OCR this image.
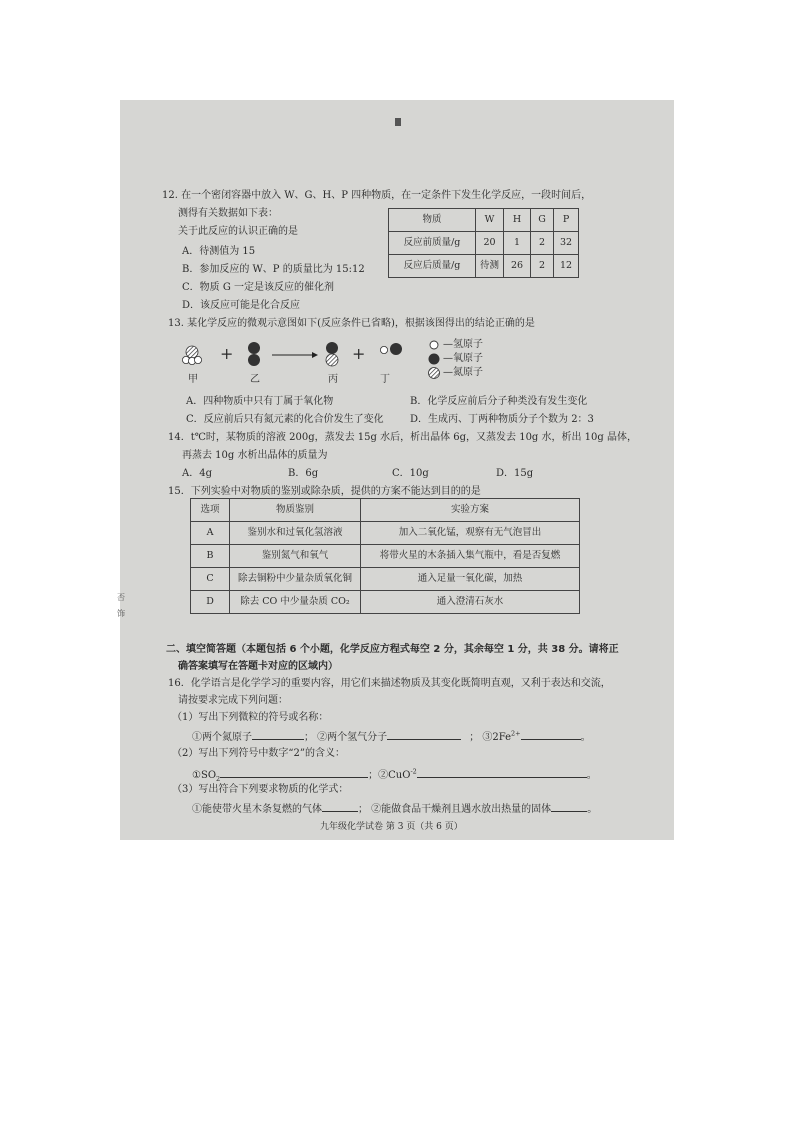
12. 在一个密闭容器中放入 W、G、H、P 四种物质，在一定条件下发生化学反应，一段时间后，
测得有关数据如下表：
关于此反应的认识正确的是
A．待测值为 15
B．参加反应的 W、P 的质量比为 15:12
C．物质 G 一定是该反应的催化剂
D．该反应可能是化合反应
物质	W	H	G	P
反应前质量/g	20	1	2	32
反应后质量/g	待测	26	2	12
13. 某化学反应的微观示意图如下(反应条件已省略)，根据该图得出的结论正确的是
+	+
甲	乙	丙	丁
—氢原子
—氧原子
—氮原子
A．四种物质中只有丁属于氧化物	B．化学反应前后分子种类没有发生变化
C．反应前后只有氮元素的化合价发生了变化	D．生成丙、丁两种物质分子个数为 2：3
14．t℃时，某物质的溶液 200g，蒸发去 15g 水后，析出晶体 6g，又蒸发去 10g 水，析出 10g 晶体，
再蒸去 10g 水析出晶体的质量为
A．4g	B．6g	C．10g	D．15g
15．下列实验中对物质的鉴别或除杂质，提供的方案不能达到目的的是
选项	物质鉴别	实验方案
A	鉴别水和过氧化氢溶液	加入二氧化锰，观察有无气泡冒出
B	鉴别氮气和氧气	将带火星的木条插入集气瓶中，看是否复燃
C	除去铜粉中少量杂质氧化铜	通入足量一氧化碳，加热
D	除去 CO 中少量杂质 CO₂	通入澄清石灰水
二、填空简答题（本题包括 6 个小题，化学反应方程式每空 2 分，其余每空 1 分，共 38 分。请将正
确答案填写在答题卡对应的区域内）
16．化学语言是化学学习的重要内容，用它们来描述物质及其变化既简明直观，又利于表达和交流，
请按要求完成下列问题：
（1）写出下列微粒的符号或名称：
①两个氮原子	； ②两个氢气分子	； $③2Fe^{2+}$	。
（2）写出下列符号中数字“2”的含义：
$①SO_2$	；②CuO$^{-2}$	。
（3）写出符合下列要求物质的化学式：
①能使带火星木条复燃的气体	； ②能做食品干燥剂且遇水放出热量的固体	。
九年级化学试卷 第 3 页（共 6 页）
否
饰
